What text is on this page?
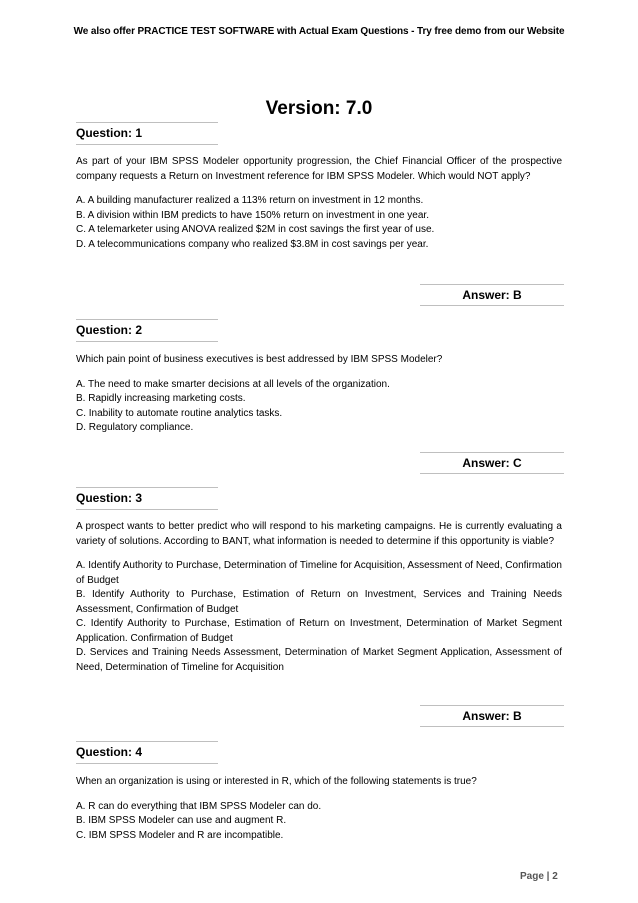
We also offer PRACTICE TEST SOFTWARE with Actual Exam Questions - Try free demo from our Website
Version: 7.0
Question: 1
As part of your IBM SPSS Modeler opportunity progression, the Chief Financial Officer of the prospective company requests a Return on Investment reference for IBM SPSS Modeler. Which would NOT apply?
A. A building manufacturer realized a 113% return on investment in 12 months.
B. A division within IBM predicts to have 150% return on investment in one year.
C. A telemarketer using ANOVA realized $2M in cost savings the first year of use.
D. A telecommunications company who realized $3.8M in cost savings per year.
Answer: B
Question: 2
Which pain point of business executives is best addressed by IBM SPSS Modeler?
A. The need to make smarter decisions at all levels of the organization.
B. Rapidly increasing marketing costs.
C. Inability to automate routine analytics tasks.
D. Regulatory compliance.
Answer: C
Question: 3
A prospect wants to better predict who will respond to his marketing campaigns. He is currently evaluating a variety of solutions. According to BANT, what information is needed to determine if this opportunity is viable?
A. Identify Authority to Purchase, Determination of Timeline for Acquisition, Assessment of Need, Confirmation of Budget
B. Identify Authority to Purchase, Estimation of Return on Investment, Services and Training Needs Assessment, Confirmation of Budget
C. Identify Authority to Purchase, Estimation of Return on Investment, Determination of Market Segment Application. Confirmation of Budget
D. Services and Training Needs Assessment, Determination of Market Segment Application, Assessment of Need, Determination of Timeline for Acquisition
Answer: B
Question: 4
When an organization is using or interested in R, which of the following statements is true?
A. R can do everything that IBM SPSS Modeler can do.
B. IBM SPSS Modeler can use and augment R.
C. IBM SPSS Modeler and R are incompatible.
Page | 2
